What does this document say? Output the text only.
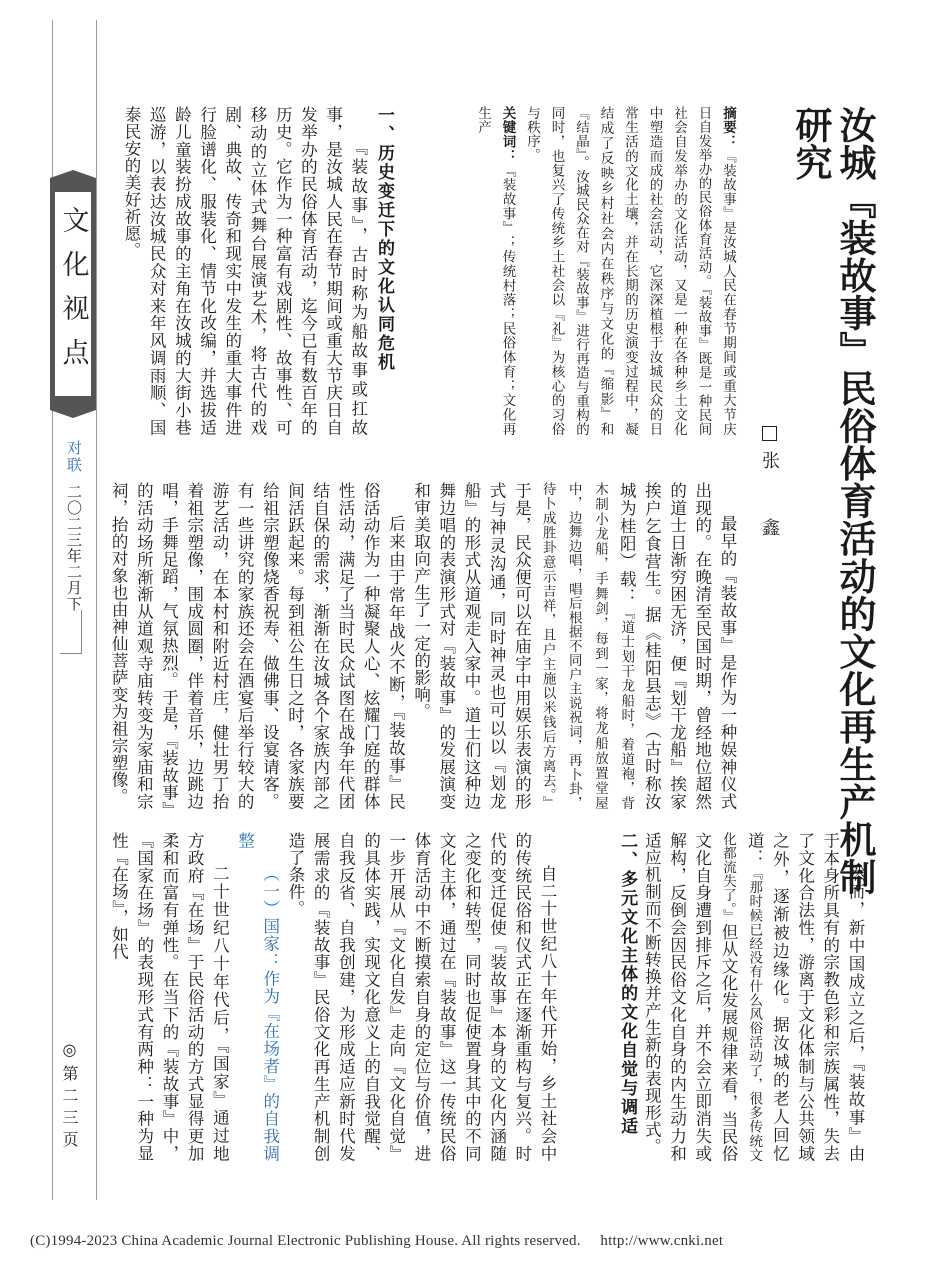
文化视点
对联
二〇二三年二月下
◎第二三页
汝城『装故事』民俗体育活动的文化再生产机制研究
张 鑫

摘要：『装故事』是汝城人民在春节期间或重大节庆日自发举办的民俗体育活动。『装故事』既是一种民间社会自发举办的文化活动，又是一种在各种乡土文化中塑造而成的社会活动，它深深植根于汝城民众的日常生活的文化土壤，并在长期的历史演变过程中，凝结成了反映乡村社会内在秩序与文化的『缩影』和『结晶』。汝城民众在对『装故事』进行再造与重构的同时，也复兴了传统乡土社会以『礼』为核心的习俗与秩序。

关键词：『装故事』；传统村落；民俗体育；文化再生产

一、历史变迁下的文化认同危机

『装故事』，古时称为船故事或扛故事，是汝城人民在春节期间或重大节庆日自发举办的民俗体育活动，迄今已有数百年的历史。它作为一种富有戏剧性、故事性、可移动的立体式舞台展演艺术，将古代的戏剧、典故、传奇和现实中发生的重大事件进行脸谱化、服装化、情节化改编，并选拔适龄儿童装扮成故事的主角在汝城的大街小巷巡游，以表达汝城民众对来年风调雨顺、国泰民安的美好祈愿。

最早的『装故事』是作为一种娱神仪式出现的。在晚清至民国时期，曾经地位超然的道士日渐穷困无济，便『划干龙船』挨家挨户乞食营生。据《桂阳县志》（古时称汝城为桂阳）载：『道士划干龙船时，着道袍，背木制小龙船，手舞剑，每到一家，将龙船放置堂屋中，边舞边唱，唱后根据不同户主说祝词，再卜卦，待卜成胜卦意示吉祥，且户主施以米钱后方离去。』于是，民众便可以在庙宇中用娱乐表演的形式与神灵沟通，同时神灵也可以以『划龙船』的形式从道观走入家中。道士们这种边舞边唱的表演形式对『装故事』的发展演变和审美取向产生了一定的影响。

后来由于常年战火不断，『装故事』民俗活动作为一种凝聚人心、炫耀门庭的群体性活动，满足了当时民众试图在战争年代团结自保的需求，渐渐在汝城各个家族内部之间活跃起来。每到祖公生日之时，各家族要给祖宗塑像烧香祝寿、做佛事、设宴请客。有一些讲究的家族还会在酒宴后举行较大的游艺活动，在本村和附近村庄，健壮男丁抬着祖宗塑像，围成圆圈，伴着音乐，边跳边唱，手舞足蹈，气氛热烈。于是，『装故事』的活动场所渐渐从道观寺庙转变为家庙和宗祠，抬的对象也由神仙菩萨变为祖宗塑像。

然而，新中国成立之后，『装故事』由于本身所具有的宗教色彩和宗族属性，失去了文化合法性，游离于文化体制与公共领域之外，逐渐被边缘化。据汝城的老人回忆道：『那时候已经没有什么风俗活动了，很多传统文化都流失了。』但从文化发展规律来看，当民俗文化自身遭到排斥之后，并不会立即消失或解构，反倒会因民俗文化自身的内生动力和适应机制而不断转换并产生新的表现形式。

二、多元文化主体的文化自觉与调适

自二十世纪八十年代开始，乡土社会中的传统民俗和仪式正在逐渐重构与复兴。时代的变迁促使『装故事』本身的文化内涵随之变化和转型，同时也促使置身其中的不同文化主体，通过在『装故事』这一传统民俗体育活动中不断摸索自身的定位与价值，进一步开展从『文化自发』走向『文化自觉』的具体实践，实现文化意义上的自我觉醒、自我反省、自我创建，为形成适应新时代发展需求的『装故事』民俗文化再生产机制创造了条件。

（一）国家：作为『在场者』的自我调整

二十世纪八十年代后，『国家』通过地方政府『在场』于民俗活动的方式显得更加柔和而富有弹性。在当下的『装故事』中，『国家在场』的表现形式有两种：一种为显性『在场』，如代

(C)1994-2023 China Academic Journal Electronic Publishing House. All rights reserved. http://www.cnki.net
